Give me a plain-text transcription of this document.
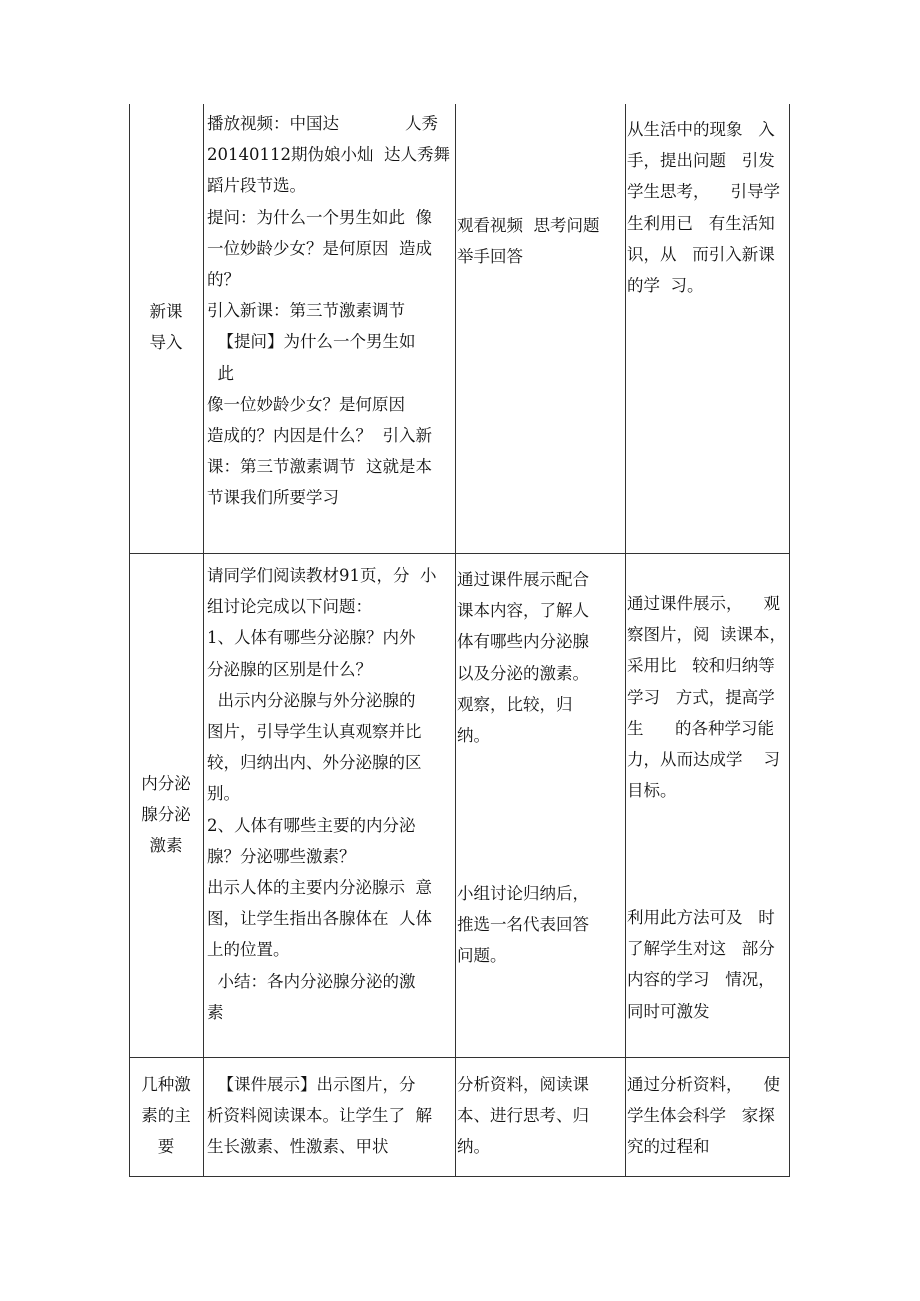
新课
导入
播放视频：中国达　　　　人秀
20140112期伪娘小灿  达人秀舞
蹈片段节选。
提问：为什么一个男生如此  像
一位妙龄少女？是何原因  造成
的？
引入新课：第三节激素调节
【提问】为什么一个男生如
此
像一位妙龄少女？是何原因
造成的？内因是什么？  引入新
课：第三节激素调节  这就是本
节课我们所要学习
观看视频  思考问题
举手回答
从生活中的现象   入
手，提出问题   引发
学生思考，    引导学
生利用已   有生活知
识，从   而引入新课
的学  习。
内分泌
腺分泌
激素
请同学们阅读教材91页，分  小
组讨论完成以下问题：
1、人体有哪些分泌腺？内外
分泌腺的区别是什么？
出示内分泌腺与外分泌腺的
图片，引导学生认真观察并比
较，归纳出内、外分泌腺的区
别。
2、人体有哪些主要的内分泌
腺？分泌哪些激素？
出示人体的主要内分泌腺示  意
图，让学生指出各腺体在  人体
上的位置。
小结：各内分泌腺分泌的激
素
通过课件展示配合
课本内容，了解人
体有哪些内分泌腺
以及分泌的激素。
观察，比较，归
纳。
小组讨论归纳后，
推选一名代表回答
问题。
通过课件展示，    观
察图片，阅  读课本，
采用比   较和归纳等
学习   方式，提高学
生      的各种学习能
力，从而达成学    习
目标。
利用此方法可及   时
了解学生对这   部分
内容的学习   情况，
同时可激发
几种激
素的主
要
【课件展示】出示图片，分
析资料阅读课本。让学生了  解
生长激素、性激素、甲状
分析资料，阅读课
本、进行思考、归
纳。
通过分析资料，    使
学生体会科学   家探
究的过程和
